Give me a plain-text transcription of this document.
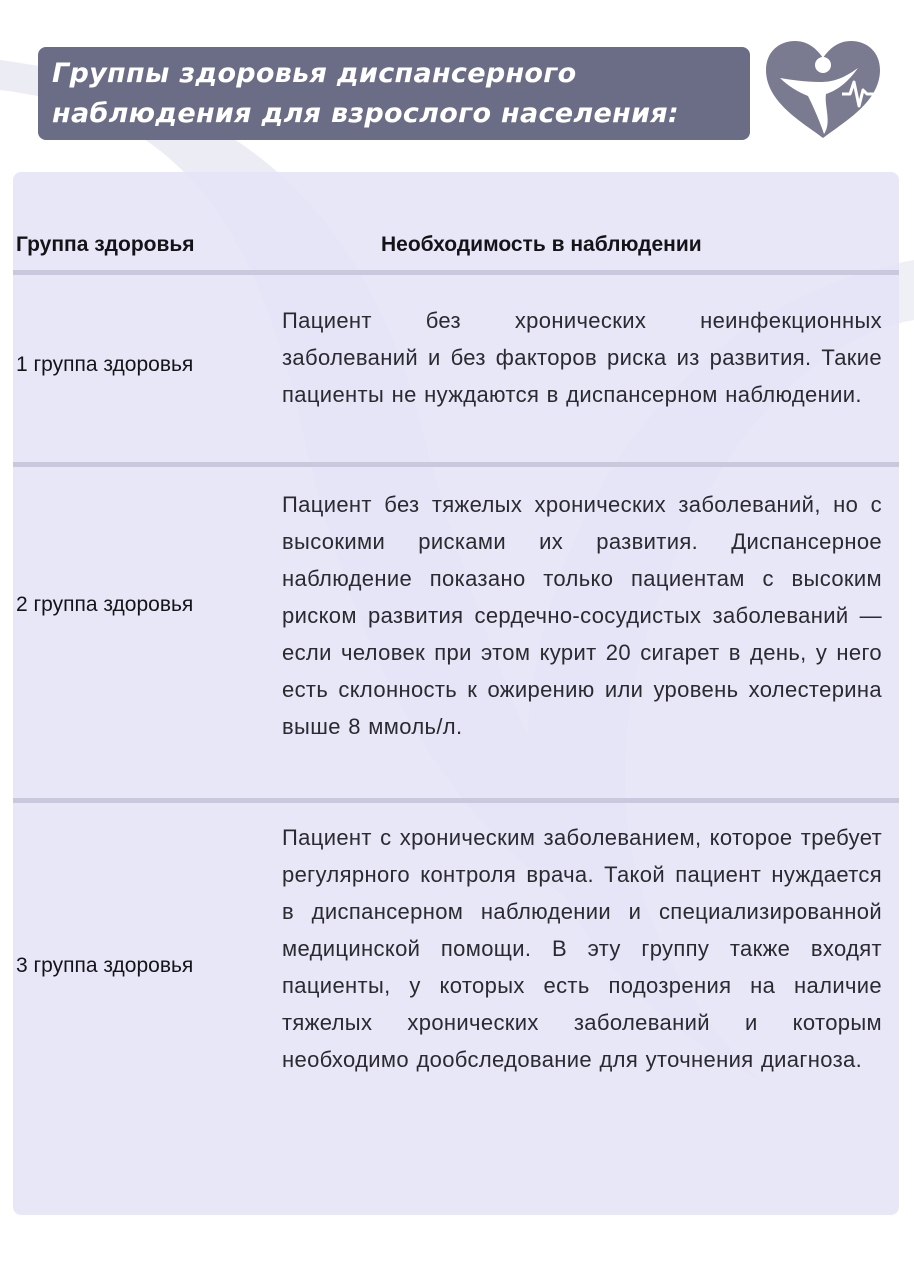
Группы здоровья диспансерного
наблюдения для взрослого населения:
Группа здоровья	Необходимость в наблюдении
1 группа здоровья
Пациент без хронических неинфекционных заболеваний и без факторов риска из развития. Такие пациенты не нуждаются в диспансерном наблюдении.
2 группа здоровья
Пациент без тяжелых хронических заболеваний, но с высокими рисками их развития. Диспансерное наблюдение показано только пациентам с высоким риском развития сердечно-сосудистых заболеваний — если человек при этом курит 20 сигарет в день, у него есть склонность к ожирению или уровень холестерина выше 8 ммоль/л.
3 группа здоровья
Пациент с хроническим заболеванием, которое требует регулярного контроля врача. Такой пациент нуждается в диспансерном наблюдении и специализированной медицинской помощи. В эту группу также входят пациенты, у которых есть подозрения на наличие тяжелых хронических заболеваний и которым необходимо дообследование для уточнения диагноза.
